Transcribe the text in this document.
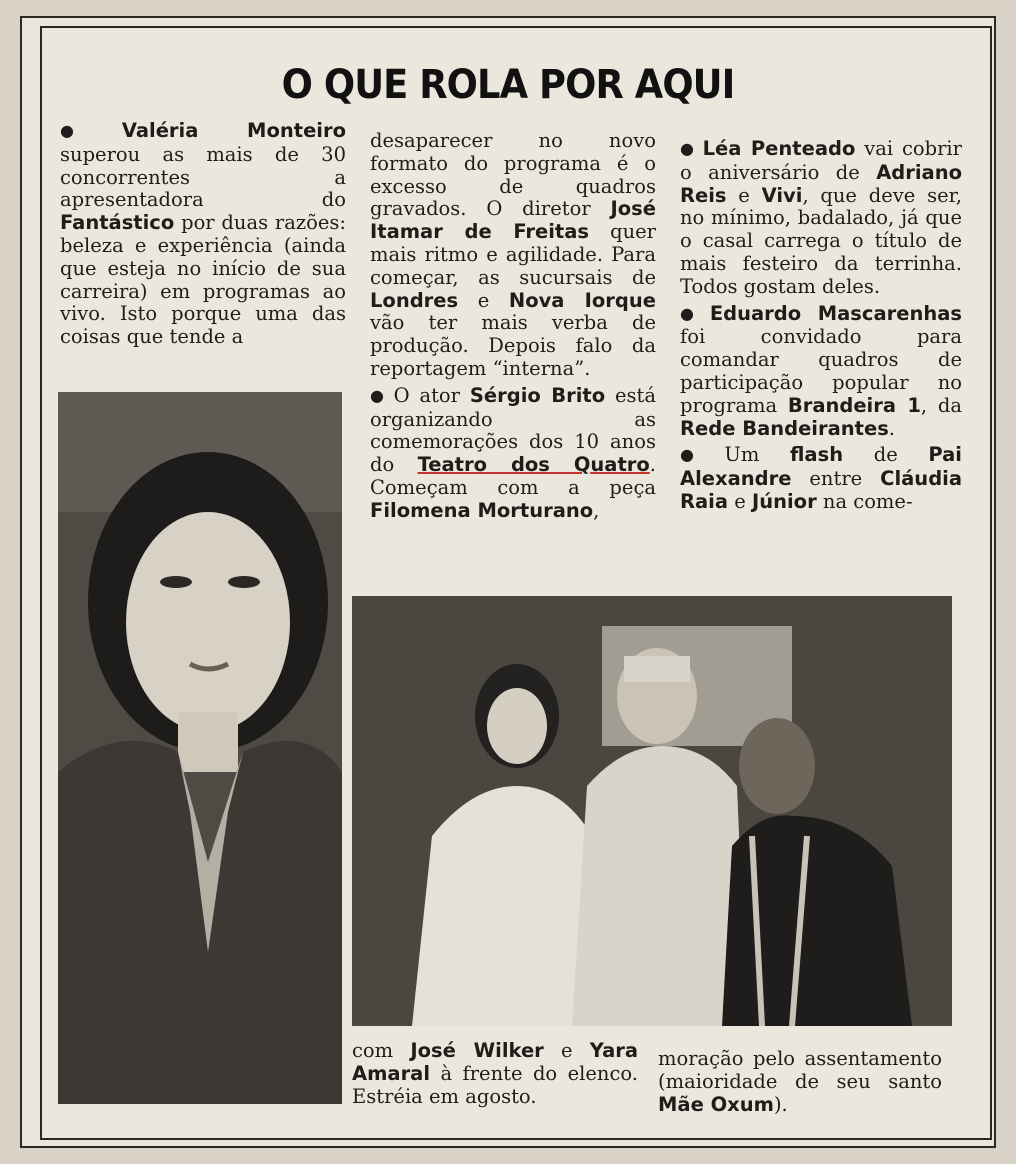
O QUE ROLA POR AQUI

● Valéria Monteiro superou as mais de 30 concorrentes a apresentadora do Fantástico por duas razões: beleza e experiência (ainda que esteja no início de sua carreira) em programas ao vivo. Isto porque uma das coisas que tende a

desaparecer no novo formato do programa é o excesso de quadros gravados. O diretor José Itamar de Freitas quer mais ritmo e agilidade. Para começar, as sucursais de Londres e Nova Iorque vão ter mais verba de produção. Depois falo da reportagem “interna”.

● O ator Sérgio Brito está organizando as comemorações dos 10 anos do Teatro dos Quatro. Começam com a peça Filomena Morturano,

● Léa Penteado vai cobrir o aniversário de Adriano Reis e Vivi, que deve ser, no mínimo, badalado, já que o casal carrega o título de mais festeiro da terrinha. Todos gostam deles.

● Eduardo Mascarenhas foi convidado para comandar quadros de participação popular no programa Brandeira 1, da Rede Bandeirantes.

● Um flash de Pai Alexandre entre Cláudia Raia e Júnior na come-

com José Wilker e Yara Amaral à frente do elenco. Estréia em agosto.

moração pelo assentamento (maioridade de seu santo Mãe Oxum).
